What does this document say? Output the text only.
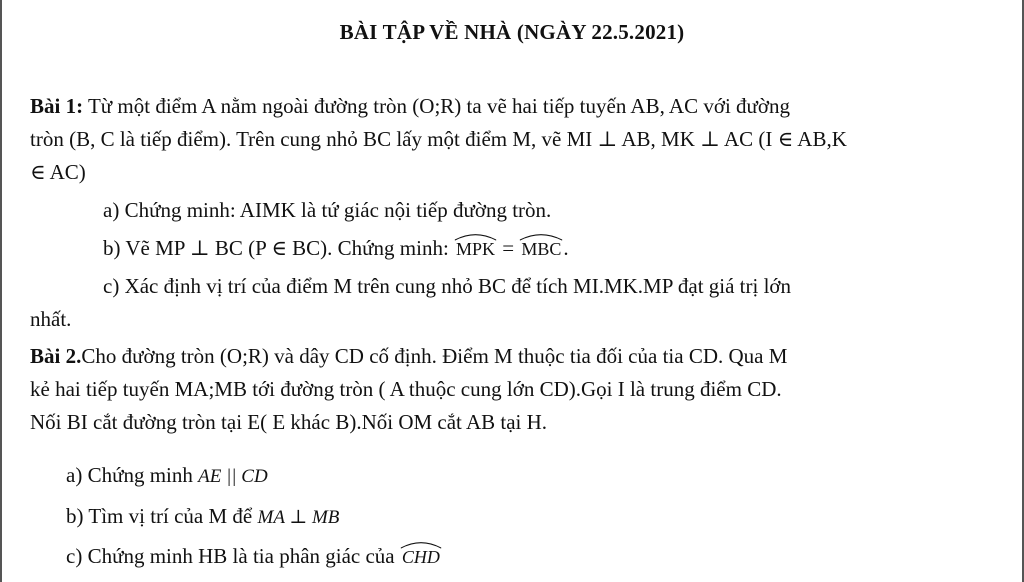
BÀI TẬP VỀ NHÀ (NGÀY 22.5.2021)
Bài 1: Từ một điểm A nằm ngoài đường tròn (O;R) ta vẽ hai tiếp tuyến AB, AC với đường
tròn (B, C là tiếp điểm). Trên cung nhỏ BC lấy một điểm M, vẽ MI ⊥ AB, MK ⊥ AC (I ∈ AB,K
∈ AC)
a) Chứng minh: AIMK là tứ giác nội tiếp đường tròn.
b) Vẽ MP ⊥ BC (P ∈ BC). Chứng minh:
MPK =
MBC.
c) Xác định vị trí của điểm M trên cung nhỏ BC để tích MI.MK.MP đạt giá trị lớn
nhất.
Bài 2.Cho đường tròn (O;R) và dây CD cố định. Điểm M thuộc tia đối của tia CD. Qua M
kẻ hai tiếp tuyến MA;MB tới đường tròn ( A thuộc cung lớn CD).Gọi I là trung điểm CD.
Nối BI cắt đường tròn tại E( E khác B).Nối OM cắt AB tại H.
a) Chứng minh AE || CD
b) Tìm vị trí của M để MA ⊥ MB
c) Chứng minh HB là tia phân giác của
CHD
